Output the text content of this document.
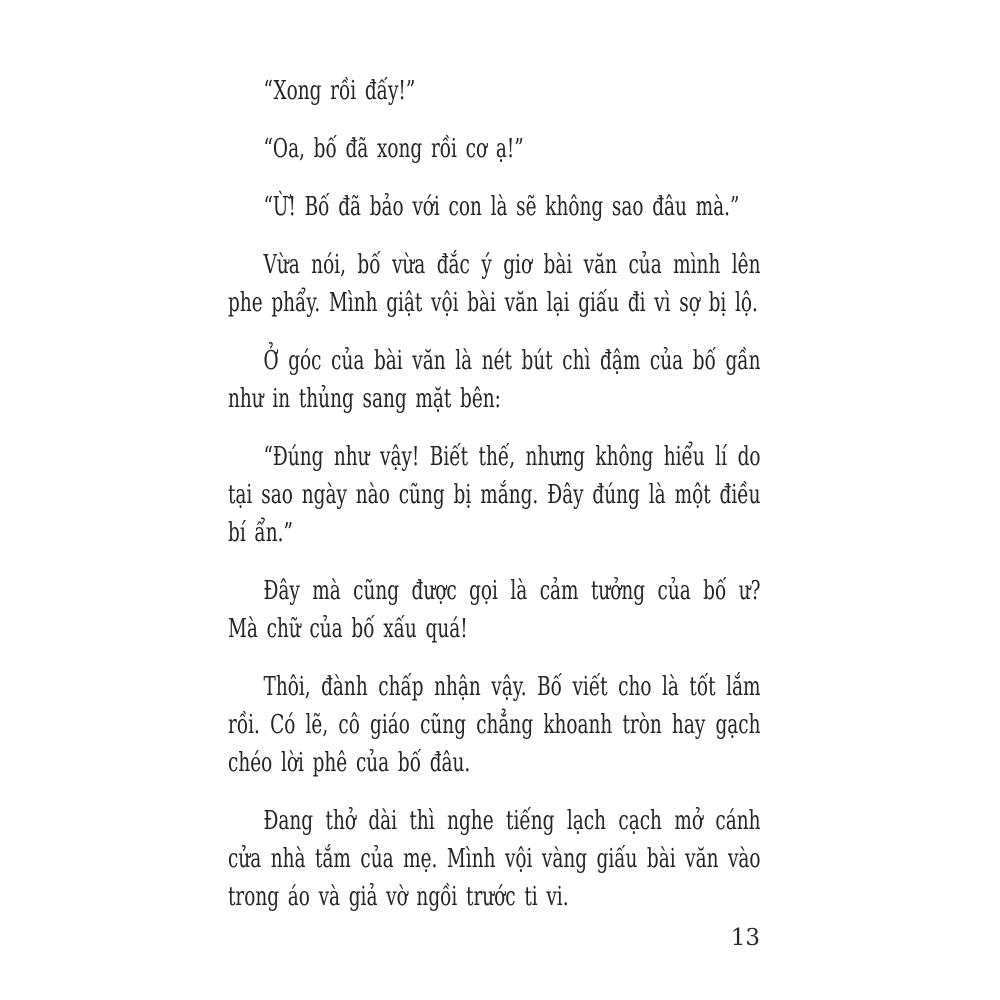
“Xong rồi đấy!”

“Oa, bố đã xong rồi cơ ạ!”

“Ừ! Bố đã bảo với con là sẽ không sao đâu mà.”

Vừa nói, bố vừa đắc ý giơ bài văn của mình lên
phe phẩy. Mình giật vội bài văn lại giấu đi vì sợ bị lộ.

Ở góc của bài văn là nét bút chì đậm của bố gần
như in thủng sang mặt bên:

“Đúng như vậy! Biết thế, nhưng không hiểu lí do
tại sao ngày nào cũng bị mắng. Đây đúng là một điều
bí ẩn.”

Đây mà cũng được gọi là cảm tưởng của bố ư?
Mà chữ của bố xấu quá!

Thôi, đành chấp nhận vậy. Bố viết cho là tốt lắm
rồi. Có lẽ, cô giáo cũng chẳng khoanh tròn hay gạch
chéo lời phê của bố đâu.

Đang thở dài thì nghe tiếng lạch cạch mở cánh
cửa nhà tắm của mẹ. Mình vội vàng giấu bài văn vào
trong áo và giả vờ ngồi trước ti vi.

13
